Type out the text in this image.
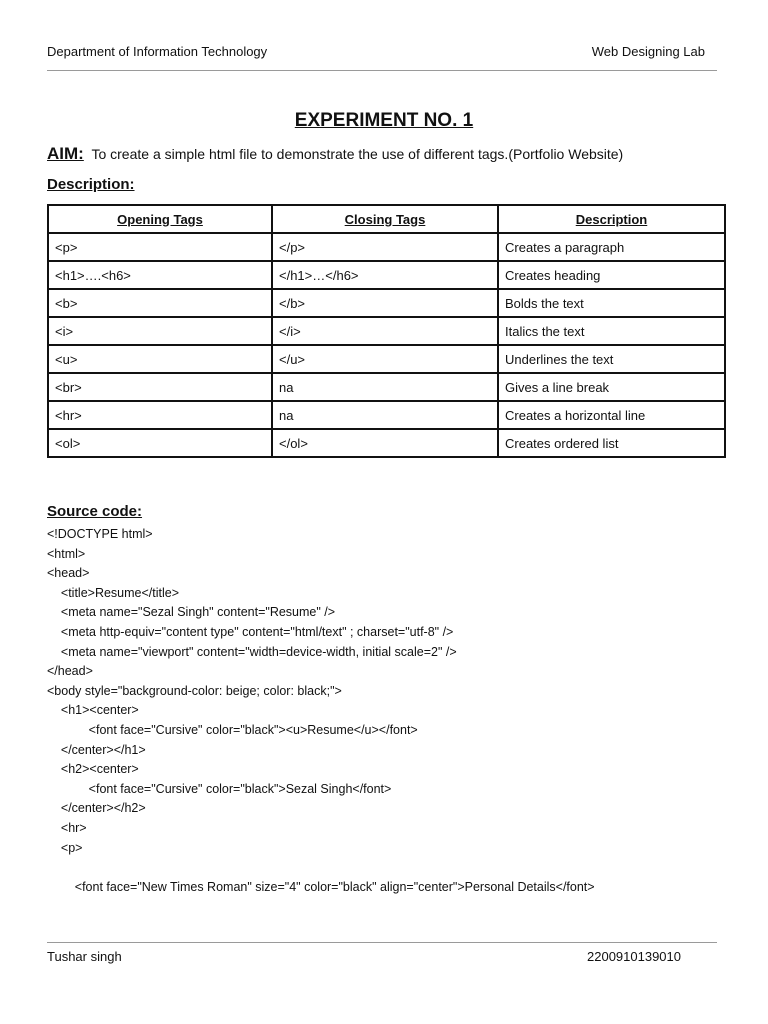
Department of Information Technology	Web Designing Lab
EXPERIMENT NO. 1
AIM: To create a simple html file to demonstrate the use of different tags.(Portfolio Website)
Description:
Opening Tags	Closing Tags	Description
<p>	</p>	Creates a paragraph
<h1>….<h6>	</h1>…</h6>	Creates heading
<b>	</b>	Bolds the text
<i>	</i>	Italics the text
<u>	</u>	Underlines the text
<br>	na	Gives a line break
<hr>	na	Creates a horizontal line
<ol>	</ol>	Creates ordered list
Source code:
<!DOCTYPE html>
<html>
<head>
<title>Resume</title>
<meta name="Sezal Singh" content="Resume" />
<meta http-equiv="content type" content="html/text" ; charset="utf-8" />
<meta name="viewport" content="width=device-width, initial scale=2" />
</head>
<body style="background-color: beige; color: black;">
<h1><center>
<font face="Cursive" color="black"><u>Resume</u></font>
</center></h1>
<h2><center>
<font face="Cursive" color="black">Sezal Singh</font>
</center></h2>
<hr>
<p>
<font face="New Times Roman" size="4" color="black" align="center">Personal Details</font>
Tushar singh	2200910139010
